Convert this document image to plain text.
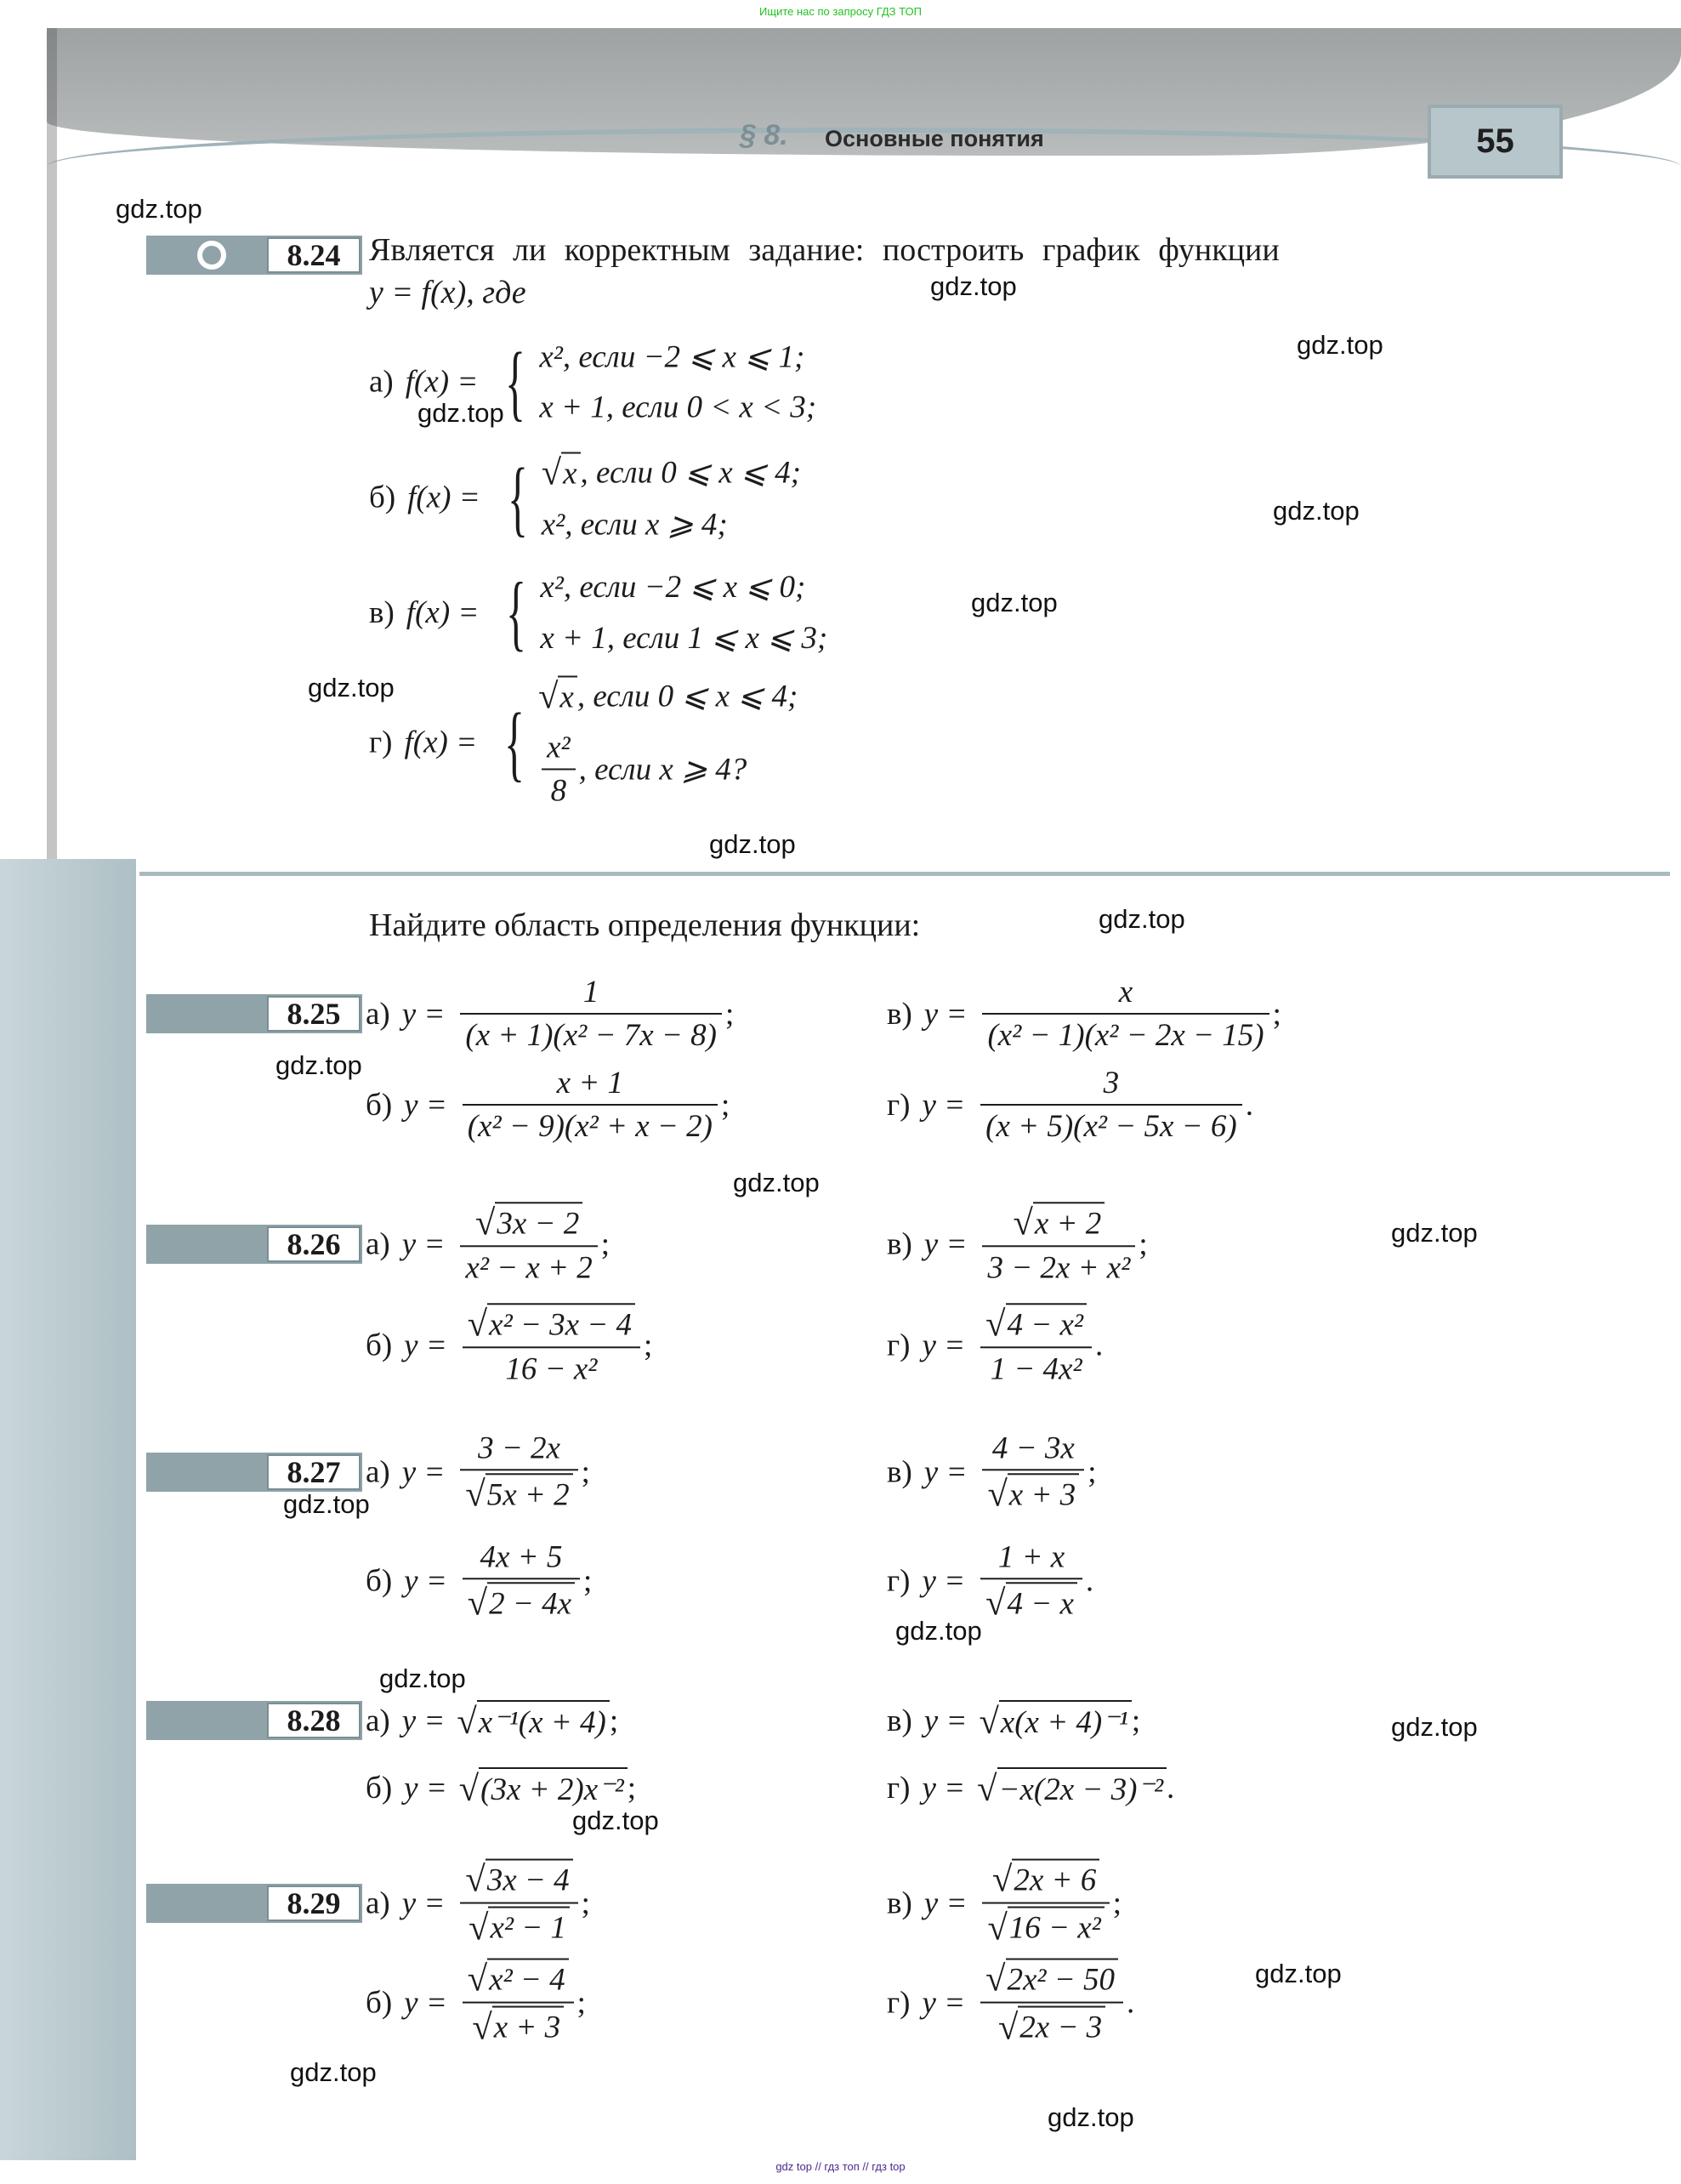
Ищите нас по запросу ГДЗ ТОП
§ 8. Основные понятия	55
8.24 Является ли корректным задание: построить график функции
y = f(x), где
а) f(x) = { x², если −2 ⩽ x ⩽ 1;
x + 1, если 0 < x < 3;
б) f(x) = { √ x , если 0 ⩽ x ⩽ 4;
x², если x ⩾ 4;
в) f(x) = { x², если −2 ⩽ x ⩽ 0;
x + 1, если 1 ⩽ x ⩽ 3;
г) f(x) = { √ x , если 0 ⩽ x ⩽ 4;
$\frac{\text{x²}}{8}$ , если x ⩾ 4?
Найдите область определения функции:
8.25 а) $y = \frac{1}{\text{(x + 1)(x² − 7x − 8)}}$ ;
б) $y = \frac{x + 1}{\text{(x² − 9)(x² + x − 2)}}$ ;
в) $y = \frac{x}{\text{(x² − 1)(x² − 2x − 15)}}$ ;
г) $y = \frac{3}{\text{(x + 5)(x² − 5x − 6)}}$ .
8.26 а) $y = \frac{√ 3x - 2}{\text{x² − x + 2}}$ ;
б) $y = \frac{\text{√ x² − 3x − 4}}{\text{16 − x²}}$ ;
в) $y = \frac{√ x + 2}{\text{3 − 2x + x²}}$ ;
г) $y = \frac{\text{√ 4 − x²}}{\text{1 − 4x²}}$ .
8.27 а) $y = \frac{3 - 2x}{√ 5x + 2}$ ;
б) $y = \frac{4x + 5}{√ 2 - 4x}$ ;
в) $y = \frac{4 - 3x}{√ x + 3}$ ;
г) $y = \frac{1 + x}{√ 4 - x}$ .
8.28 а) y = √ x⁻¹(x + 4) ;
б) y = √ (3x + 2)x⁻² ;
в) y = √ x(x + 4)⁻¹ ;
г) y = √ −x(2x − 3)⁻² .
8.29 а) $y = \frac{√ 3x - 4}{\text{√ x² − 1}}$ ;
б) $y = \frac{\text{√ x² − 4}}{√ x + 3}$ ;
в) $y = \frac{√ 2x + 6}{\text{√ 16 − x²}}$ ;
г) $y = \frac{\text{√ 2x² − 50}}{√ 2x - 3}$ .
gdz.top
gdz.top
gdz.top
gdz.top
gdz.top
gdz.top
gdz.top
gdz.top
gdz.top
gdz.top
gdz.top
gdz.top
gdz.top
gdz.top
gdz.top
gdz.top
gdz.top
gdz.top
gdz.top
gdz.top
gdz top // гдз топ // гдз top
